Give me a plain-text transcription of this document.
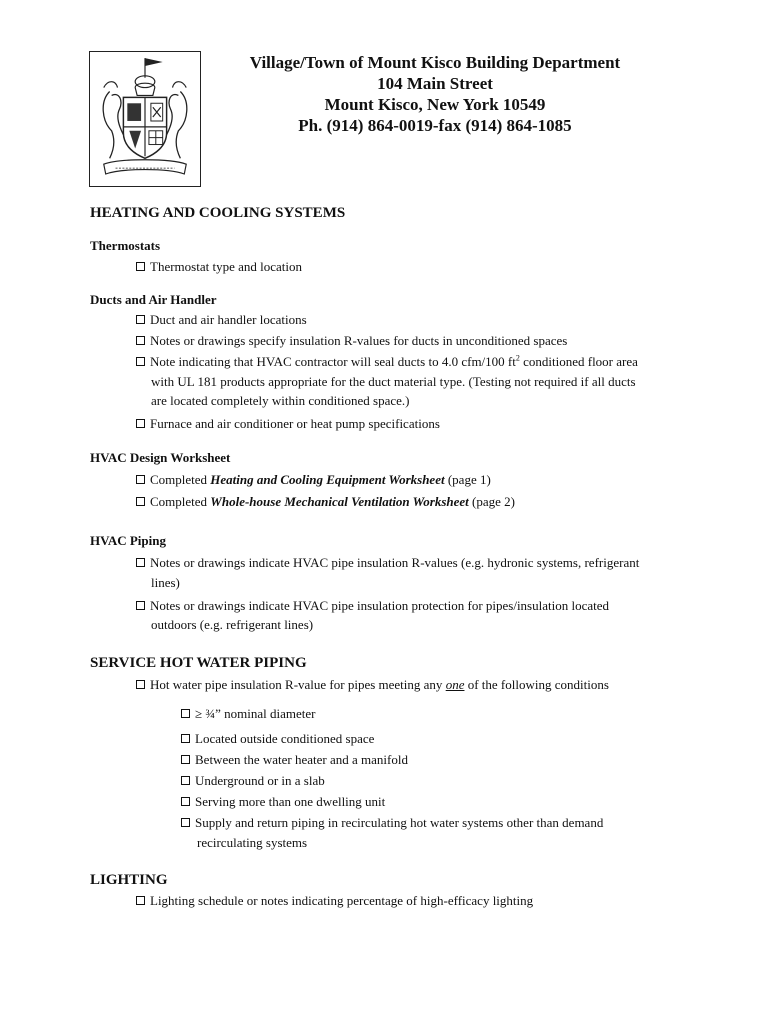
Village/Town of Mount Kisco Building Department
104 Main Street
Mount Kisco, New York 10549
Ph. (914) 864-0019-fax (914) 864-1085
HEATING AND COOLING SYSTEMS
Thermostats
Thermostat type and location
Ducts and Air Handler
Duct and air handler locations
Notes or drawings specify insulation R-values for ducts in unconditioned spaces
Note indicating that HVAC contractor will seal ducts to 4.0 cfm/100 $ft^2$ conditioned floor area
with UL 181 products appropriate for the duct material type. (Testing not required if all ducts
are located completely within conditioned space.)
Furnace and air conditioner or heat pump specifications
HVAC Design Worksheet
Completed Heating and Cooling Equipment Worksheet (page 1)
Completed Whole-house Mechanical Ventilation Worksheet (page 2)
HVAC Piping
Notes or drawings indicate HVAC pipe insulation R-values (e.g. hydronic systems, refrigerant
lines)
Notes or drawings indicate HVAC pipe insulation protection for pipes/insulation located
outdoors (e.g. refrigerant lines)
SERVICE HOT WATER PIPING
Hot water pipe insulation R-value for pipes meeting any one of the following conditions
≥ ¾” nominal diameter
Located outside conditioned space
Between the water heater and a manifold
Underground or in a slab
Serving more than one dwelling unit
Supply and return piping in recirculating hot water systems other than demand
recirculating systems
LIGHTING
Lighting schedule or notes indicating percentage of high-efficacy lighting
